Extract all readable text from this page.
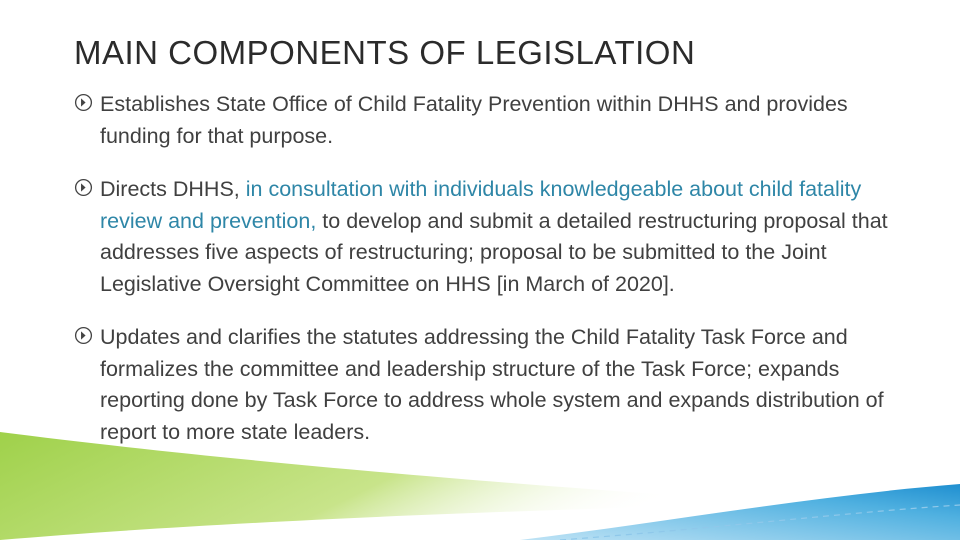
MAIN COMPONENTS OF LEGISLATION
Establishes State Office of Child Fatality Prevention within DHHS and provides funding for that purpose.
Directs DHHS, in consultation with individuals knowledgeable about child fatality review and prevention, to develop and submit a detailed restructuring proposal that addresses five aspects of restructuring; proposal to be submitted to the Joint Legislative Oversight Committee on HHS [in March of 2020].
Updates and clarifies the statutes addressing the Child Fatality Task Force and formalizes the committee and leadership structure of the Task Force; expands reporting done by Task Force to address whole system and expands distribution of report to more state leaders.
